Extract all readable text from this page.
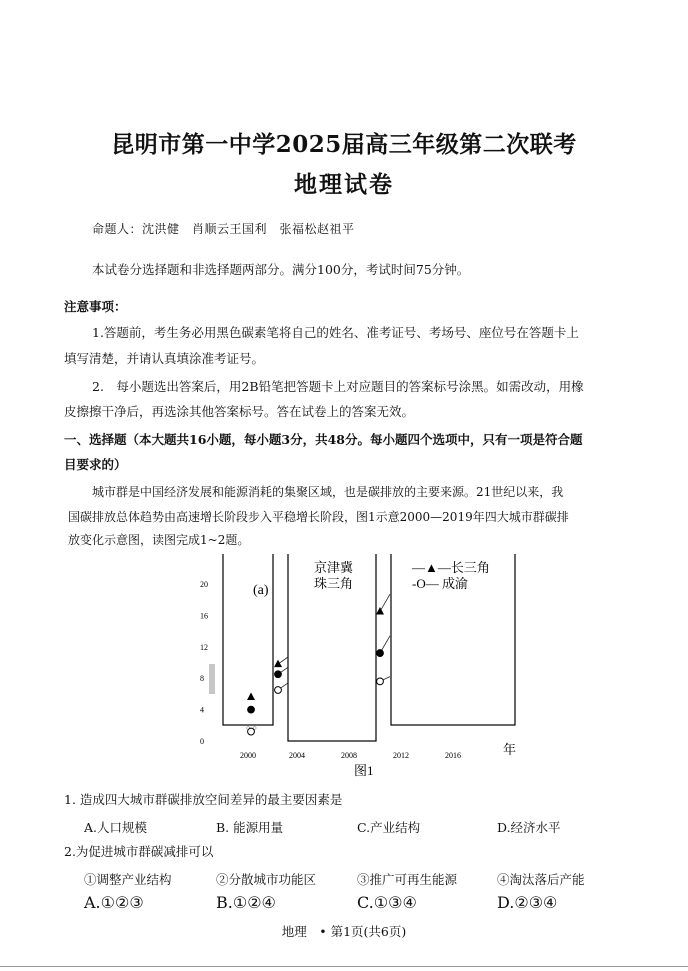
昆明市第一中学2025届高三年级第二次联考
地理试卷
命题人：沈洪健　肖顺云王国利　张福松赵祖平
本试卷分选择题和非选择题两部分。满分100分，考试时间75分钟。
注意事项：
1.答题前，考生务必用黑色碳素笔将自己的姓名、准考证号、考场号、座位号在答题卡上
填写清楚，并请认真填涂准考证号。
2.　每小题选出答案后，用2B铅笔把答题卡上对应题目的答案标号涂黑。如需改动，用橡
皮擦擦干净后，再选涂其他答案标号。答在试卷上的答案无效。
一、选择题（本大题共16小题，每小题3分，共48分。每小题四个选项中，只有一项是符合题
目要求的）
城市群是中国经济发展和能源消耗的集聚区域，也是碳排放的主要来源。21世纪以来，我
国碳排放总体趋势由高速增长阶段步入平稳增长阶段，图1示意2000—2019年四大城市群碳排
放变化示意图，读图完成1~2题。
0
4
8
12
16
20	(a)
京津冀
珠三角
—▲—长三角
-O— 成渝
○-○
2000	2004	2008	2012	2016	年
图1
1. 造成四大城市群碳排放空间差异的最主要因素是
A.人口规模	B. 能源用量	C.产业结构	D.经济水平
2.为促进城市群碳减排可以
①调整产业结构	②分散城市功能区	③推广可再生能源	④淘汰落后产能
A.①②③	B.①②④	C.①③④	D.②③④
地理　• 第1页(共6页)
